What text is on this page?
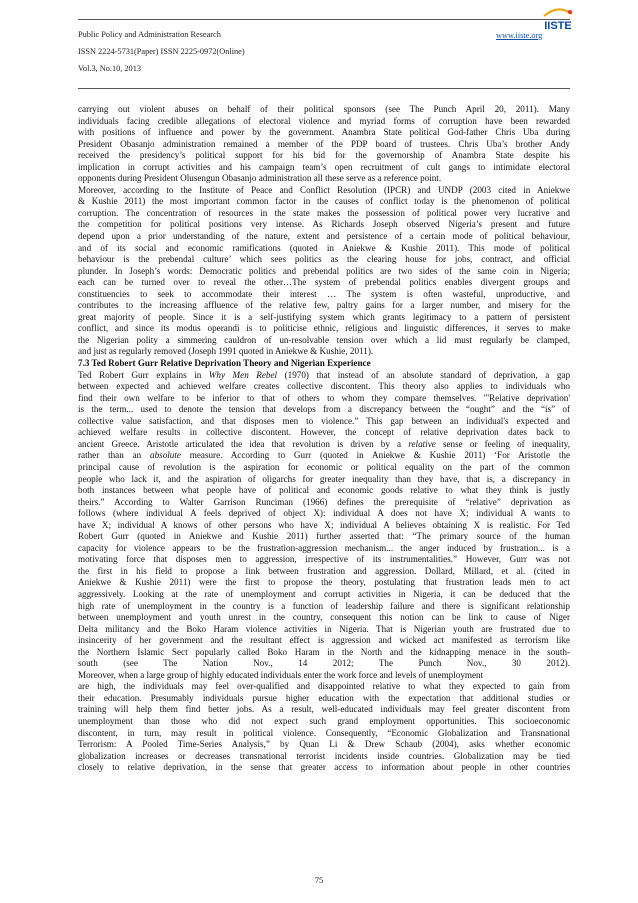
Public Policy and Administration Research
ISSN 2224-5731(Paper) ISSN 2225-0972(Online)
Vol.3, No.10, 2013
www.iiste.org
IISTE
carrying out violent abuses on behalf of their political sponsors (see The Punch April 20, 2011). Many
individuals facing credible allegations of electoral violence and myriad forms of corruption have been rewarded
with positions of influence and power by the government. Anambra State political God-father Chris Uba during
President Obasanjo administration remained a member of the PDP board of trustees. Chris Uba’s brother Andy
received the presidency’s political support for his bid for the governorship of Anambra State despite his
implication in corrupt activities and his campaign team’s open recruitment of cult gangs to intimidate electoral
opponents during President Olusengun Obasanjo administration all these serve as a reference point.
Moreover, according to the Institute of Peace and Conflict Resolution (IPCR) and UNDP (2003 cited in Aniekwe
& Kushie 2011) the most important common factor in the causes of conflict today is the phenomenon of political
corruption. The concentration of resources in the state makes the possession of political power very lucrative and
the competition for political positions very intense. As Richards Joseph observed Nigeria’s present and future
depend upon a prior understanding of the nature, extent and persistence of a certain mode of political behaviour,
and of its social and economic ramifications (quoted in Aniekwe & Kushie 2011). This mode of political
behaviour is the prebendal culture’ which sees politics as the clearing house for jobs, contract, and official
plunder. In Joseph’s words: Democratic politics and prebendal politics are two sides of the same coin in Nigeria;
each can be turned over to reveal the other…The system of prebendal politics enables divergent groups and
constituencies to seek to accommodate their interest … The system is often wasteful, unproductive, and
contributes to the increasing affluence of the relative few, paltry gains for a larger number, and misery for the
great majority of people. Since it is a self-justifying system which grants legitimacy to a pattern of persistent
conflict, and since its modus operandi is to politicise ethnic, religious and linguistic differences, it serves to make
the Nigerian polity a simmering cauldron of un-resolvable tension over which a lid must regularly be clamped,
and just as regularly removed (Joseph 1991 quoted in Aniekwe & Kushie, 2011).
7.3 Ted Robert Gurr Relative Deprivation Theory and Nigerian Experience
Ted Robert Gurr explains in Why Men Rebel (1970) that instead of an absolute standard of deprivation, a gap
between expected and achieved welfare creates collective discontent. This theory also applies to individuals who
find their own welfare to be inferior to that of others to whom they compare themselves. "'Relative deprivation'
is the term... used to denote the tension that develops from a discrepancy between the “ought” and the “is” of
collective value satisfaction, and that disposes men to violence.” This gap between an individual's expected and
achieved welfare results in collective discontent. However, the concept of relative deprivation dates back to
ancient Greece. Aristotle articulated the idea that revolution is driven by a relative sense or feeling of inequality,
rather than an absolute measure. According to Gurr (quoted in Aniekwe & Kushie 2011) ‘For Aristotle the
principal cause of revolution is the aspiration for economic or political equality on the part of the common
people who lack it, and the aspiration of oligarchs for greater inequality than they have, that is, a discrepancy in
both instances between what people have of political and economic goods relative to what they think is justly
theirs.” According to Walter Garrison Runciman (1966) defines the prerequisite of “relative” deprivation as
follows (where individual A feels deprived of object X): individual A does not have X; individual A wants to
have X; individual A knows of other persons who have X; individual A believes obtaining X is realistic. For Ted
Robert Gurr (quoted in Aniekwe and Kushie 2011) further asserted that: “The primary source of the human
capacity for violence appears to be the frustration-aggression mechanism... the anger induced by frustration... is a
motivating force that disposes men to aggression, irrespective of its instrumentalities.” However, Gurr was not
the first in his field to propose a link between frustration and aggression. Dollard, Millard, et al. (cited in
Aniekwe & Kushie 2011) were the first to propose the theory, postulating that frustration leads men to act
aggressively. Looking at the rate of unemployment and corrupt activities in Nigeria, it can be deduced that the
high rate of unemployment in the country is a function of leadership failure and there is significant relationship
between unemployment and youth unrest in the country, consequent this notion can be link to cause of Niger
Delta militancy and the Boko Haram violence activities in Nigeria. That is Nigerian youth are frustrated due to
insincerity of her government and the resultant effect is aggression and wicked act manifested as terrorism like
the Northern Islamic Sect popularly called Boko Haram in the North and the kidnapping menace in the south-
south (see The Nation Nov., 14 2012; The Punch Nov., 30 2012).
Moreover, when a large group of highly educated individuals enter the work force and levels of unemployment
are high, the individuals may feel over-qualified and disappointed relative to what they expected to gain from
their education. Presumably individuals pursue higher education with the expectation that additional studies or
training will help them find better jobs. As a result, well-educated individuals may feel greater discontent from
unemployment than those who did not expect such grand employment opportunities. This socioeconomic
discontent, in turn, may result in political violence. Consequently, “Economic Globalization and Transnational
Terrorism: A Pooled Time-Series Analysis,” by Quan Li & Drew Schaub (2004), asks whether economic
globalization increases or decreases transnational terrorist incidents inside countries. Globalization may be tied
closely to relative deprivation, in the sense that greater access to information about people in other countries
75
